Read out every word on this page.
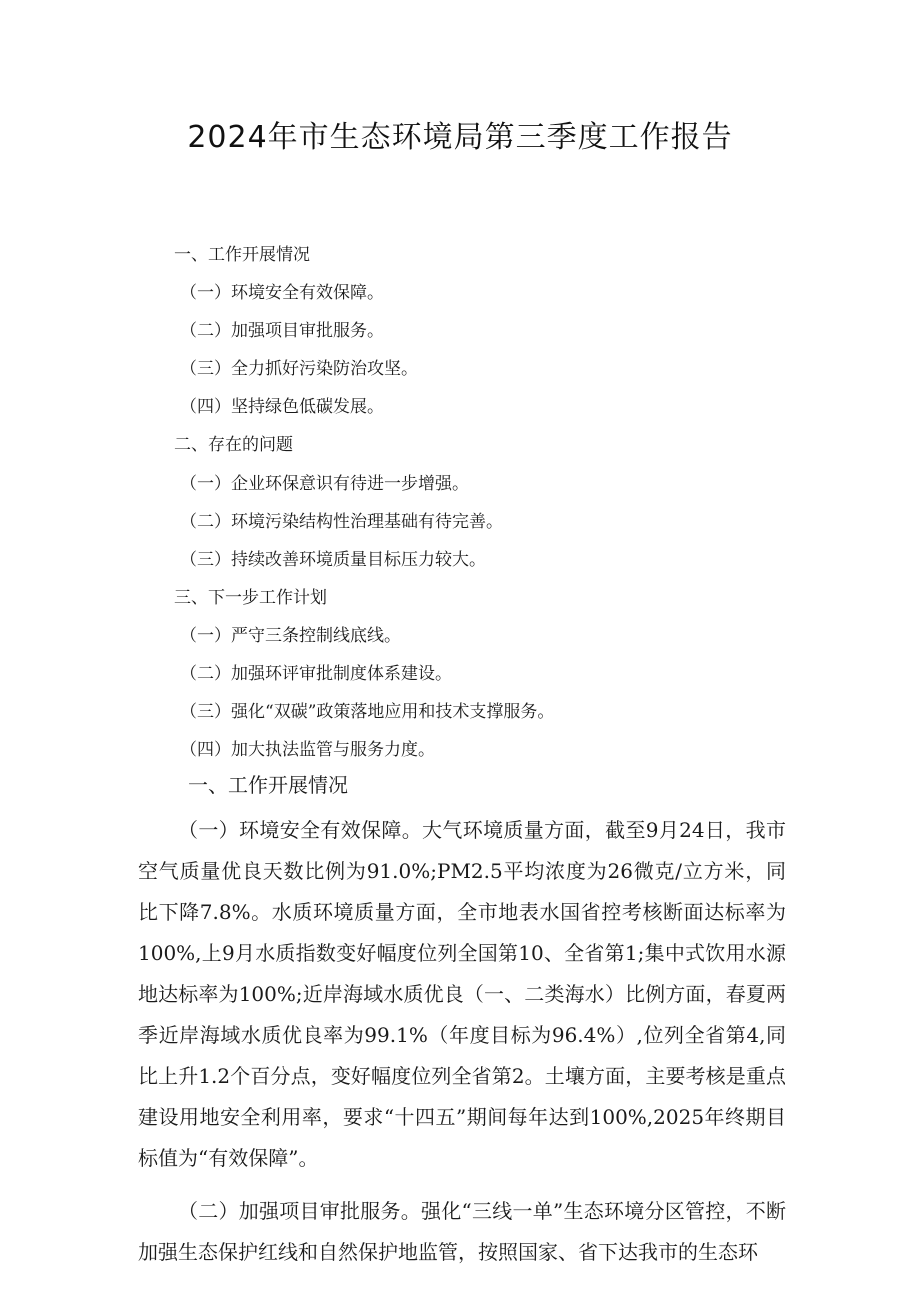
2024年市生态环境局第三季度工作报告
一、工作开展情况
（一）环境安全有效保障。
（二）加强项目审批服务。
（三）全力抓好污染防治攻坚。
（四）坚持绿色低碳发展。
二、存在的问题
（一）企业环保意识有待进一步增强。
（二）环境污染结构性治理基础有待完善。
（三）持续改善环境质量目标压力较大。
三、下一步工作计划
（一）严守三条控制线底线。
（二）加强环评审批制度体系建设。
（三）强化“双碳”政策落地应用和技术支撑服务。
（四）加大执法监管与服务力度。
一、工作开展情况

（一）环境安全有效保障。大气环境质量方面，截至9月24日，我市空气质量优良天数比例为91.0%;PM2.5平均浓度为26微克/立方米，同比下降7.8%。水质环境质量方面，全市地表水国省控考核断面达标率为100%,上9月水质指数变好幅度位列全国第10、全省第1;集中式饮用水源地达标率为100%;近岸海域水质优良（一、二类海水）比例方面，春夏两季近岸海域水质优良率为99.1%（年度目标为96.4%）,位列全省第4,同比上升1.2个百分点，变好幅度位列全省第2。土壤方面，主要考核是重点建设用地安全利用率，要求“十四五”期间每年达到100%,2025年终期目标值为“有效保障”。

（二）加强项目审批服务。强化“三线一单”生态环境分区管控，不断加强生态保护红线和自然保护地监管，按照国家、省下达我市的生态环
